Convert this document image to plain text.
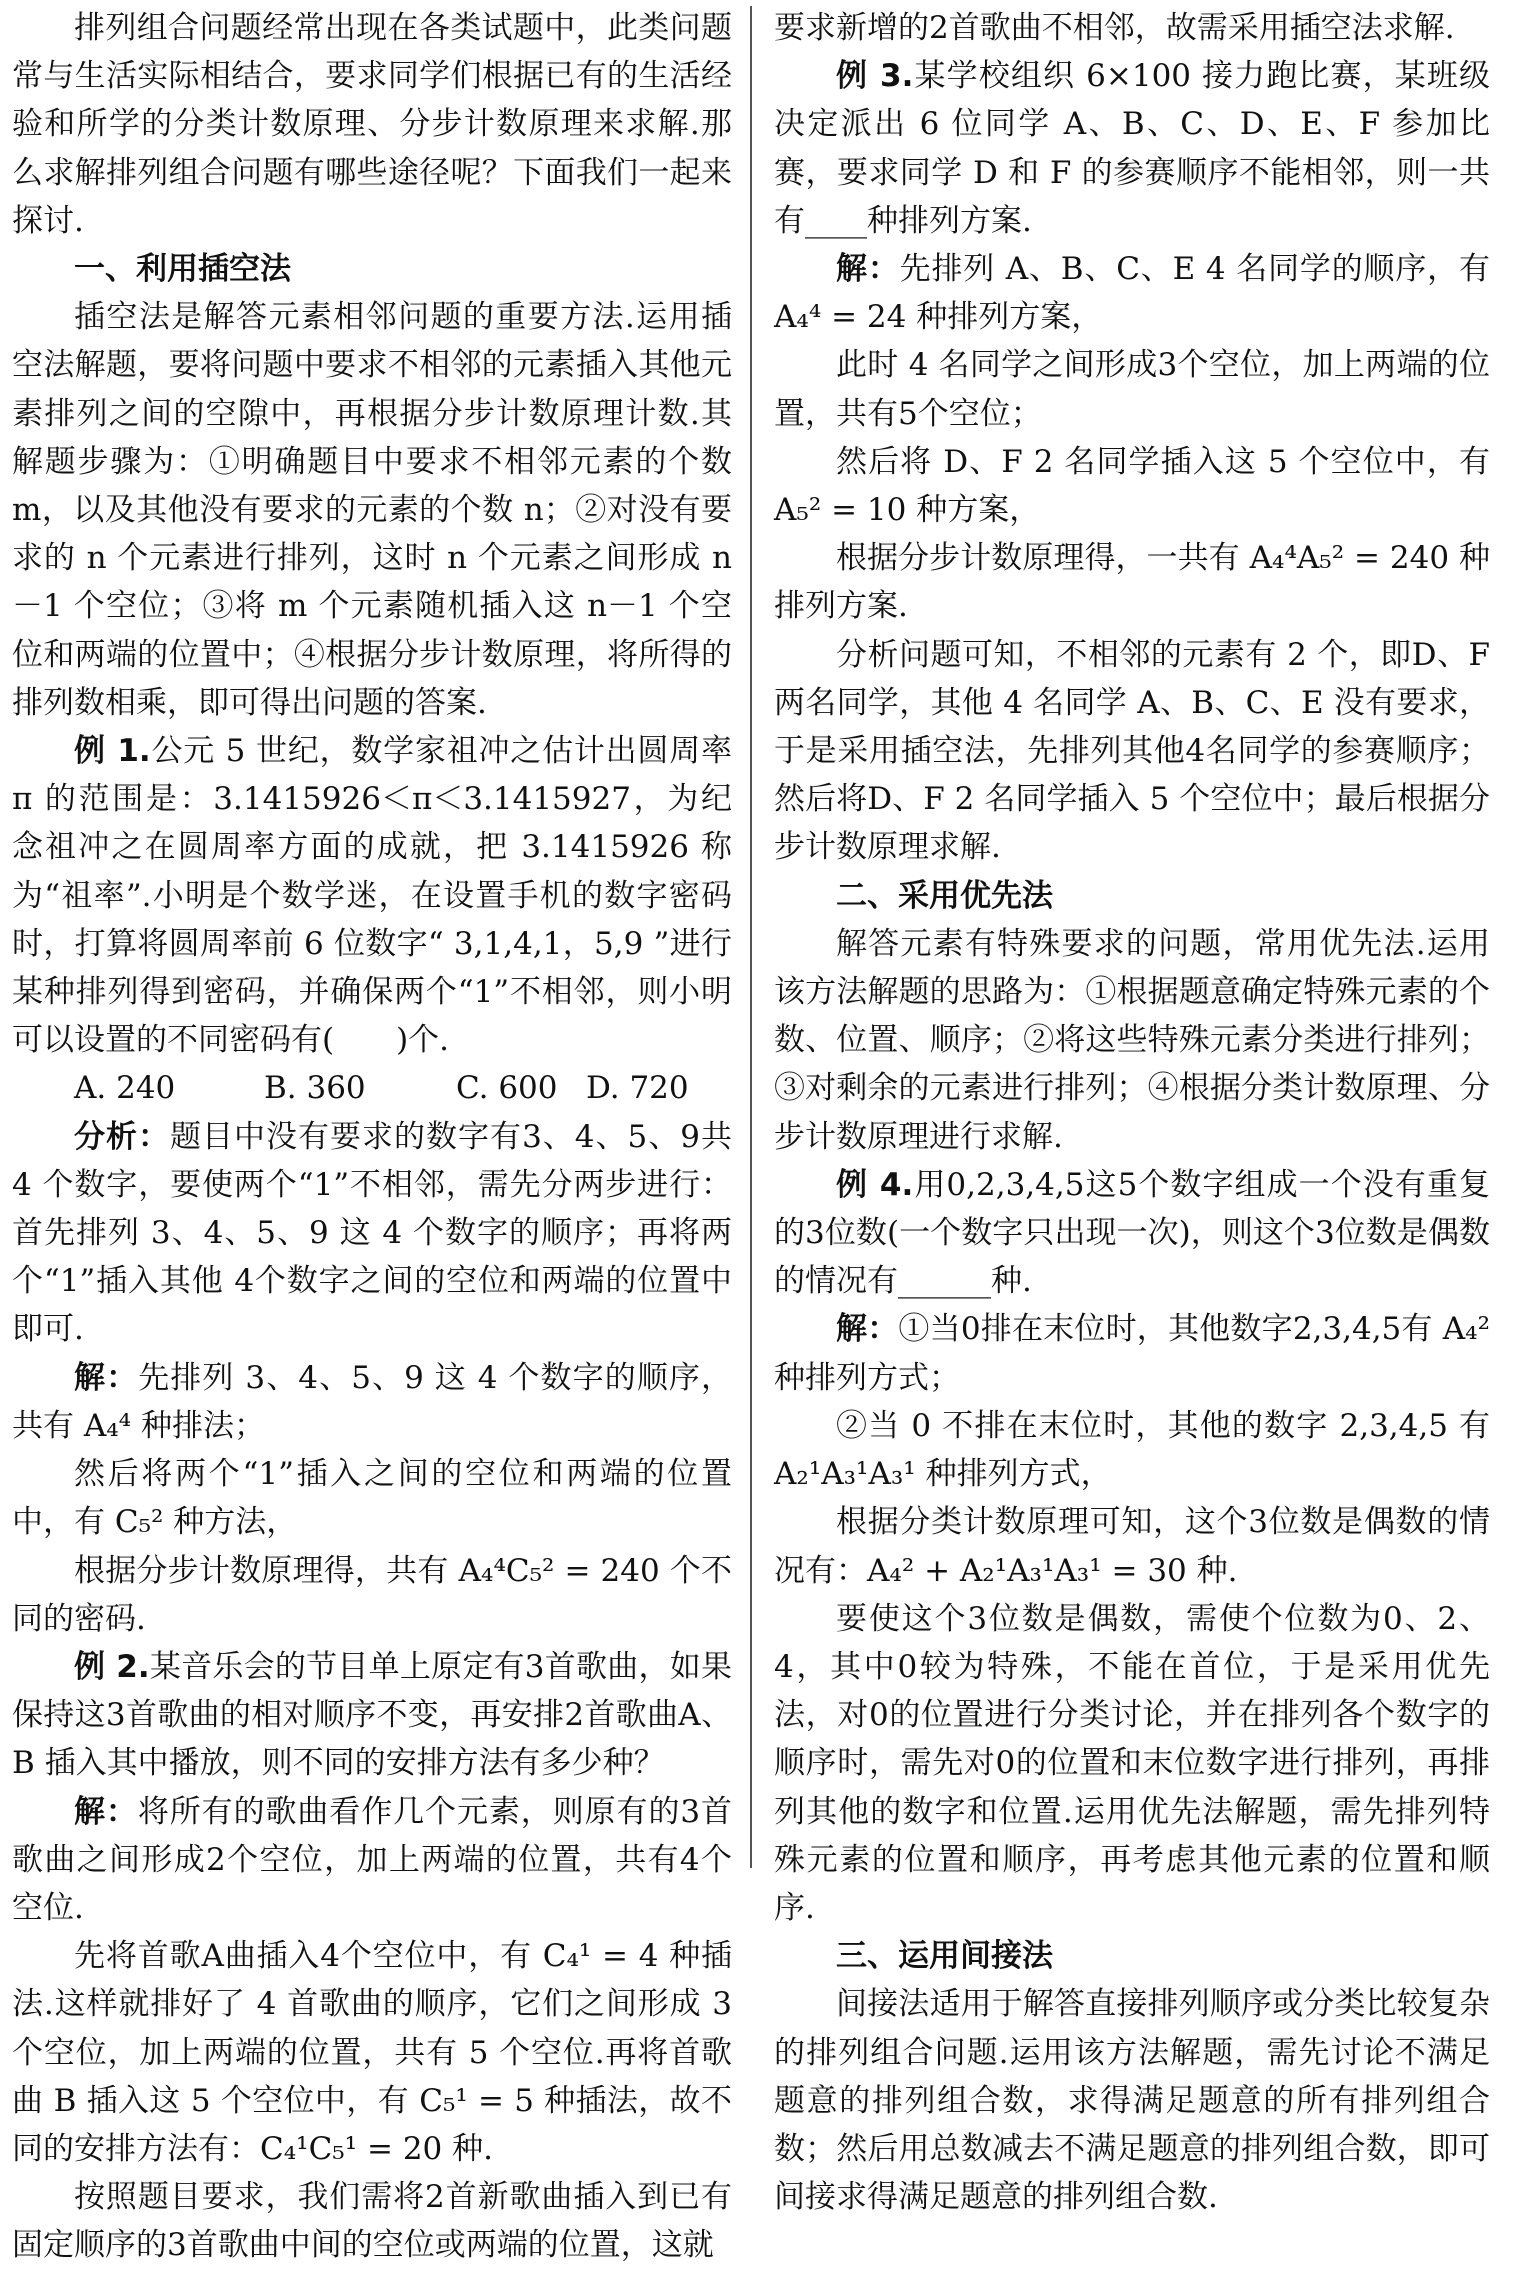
排列组合问题经常出现在各类试题中，此类问题常与生活实际相结合，要求同学们根据已有的生活经验和所学的分类计数原理、分步计数原理来求解.那么求解排列组合问题有哪些途径呢？下面我们一起来探讨.

一、利用插空法

插空法是解答元素相邻问题的重要方法.运用插空法解题，要将问题中要求不相邻的元素插入其他元素排列之间的空隙中，再根据分步计数原理计数.其解题步骤为：①明确题目中要求不相邻元素的个数 m，以及其他没有要求的元素的个数 n；②对没有要求的 n 个元素进行排列，这时 n 个元素之间形成 n－1 个空位；③将 m 个元素随机插入这 n－1 个空位和两端的位置中；④根据分步计数原理，将所得的排列数相乘，即可得出问题的答案.

例 1.公元 5 世纪，数学家祖冲之估计出圆周率 π 的范围是：3.1415926＜π＜3.1415927，为纪念祖冲之在圆周率方面的成就，把 3.1415926 称为“祖率”.小明是个数学迷，在设置手机的数字密码时，打算将圆周率前 6 位数字“ 3,1,4,1，5,9 ”进行某种排列得到密码，并确保两个“1”不相邻，则小明可以设置的不同密码有(　　)个.

A. 240	B. 360	C. 600 D. 720

分析：题目中没有要求的数字有3、4、5、9共 4 个数字，要使两个“1”不相邻，需先分两步进行：首先排列 3、4、5、9 这 4 个数字的顺序；再将两个“1”插入其他 4个数字之间的空位和两端的位置中即可.

解：先排列 3、4、5、9 这 4 个数字的顺序，共有 A₄⁴ 种排法；

然后将两个“1”插入之间的空位和两端的位置中，有 C₅² 种方法，

根据分步计数原理得，共有 A₄⁴C₅² = 240 个不同的密码.

例 2.某音乐会的节目单上原定有3首歌曲，如果保持这3首歌曲的相对顺序不变，再安排2首歌曲A、B 插入其中播放，则不同的安排方法有多少种？

解：将所有的歌曲看作几个元素，则原有的3首歌曲之间形成2个空位，加上两端的位置，共有4个空位.

先将首歌A曲插入4个空位中，有 C₄¹ = 4 种插法.这样就排好了 4 首歌曲的顺序，它们之间形成 3 个空位，加上两端的位置，共有 5 个空位.再将首歌曲 B 插入这 5 个空位中，有 C₅¹ = 5 种插法，故不同的安排方法有：C₄¹C₅¹ = 20 种.

按照题目要求，我们需将2首新歌曲插入到已有固定顺序的3首歌曲中间的空位或两端的位置，这就

要求新增的2首歌曲不相邻，故需采用插空法求解.

例 3.某学校组织 6×100 接力跑比赛，某班级决定派出 6 位同学 A、B、C、D、E、F 参加比赛，要求同学 D 和 F 的参赛顺序不能相邻，则一共有____种排列方案.

解：先排列 A、B、C、E 4 名同学的顺序，有 A₄⁴ = 24 种排列方案，

此时 4 名同学之间形成3个空位，加上两端的位置，共有5个空位；

然后将 D、F 2 名同学插入这 5 个空位中，有 A₅² = 10 种方案，

根据分步计数原理得，一共有 A₄⁴A₅² = 240 种排列方案.

分析问题可知，不相邻的元素有 2 个，即D、F两名同学，其他 4 名同学 A、B、C、E 没有要求，于是采用插空法，先排列其他4名同学的参赛顺序；然后将D、F 2 名同学插入 5 个空位中；最后根据分步计数原理求解.

二、采用优先法

解答元素有特殊要求的问题，常用优先法.运用该方法解题的思路为：①根据题意确定特殊元素的个数、位置、顺序；②将这些特殊元素分类进行排列；③对剩余的元素进行排列；④根据分类计数原理、分步计数原理进行求解.

例 4.用0,2,3,4,5这5个数字组成一个没有重复的3位数(一个数字只出现一次)，则这个3位数是偶数的情况有______种.

解：①当0排在末位时，其他数字2,3,4,5有 A₄² 种排列方式；

②当 0 不排在末位时，其他的数字 2,3,4,5 有 A₂¹A₃¹A₃¹ 种排列方式，

根据分类计数原理可知，这个3位数是偶数的情况有：A₄² + A₂¹A₃¹A₃¹ = 30 种.

要使这个3位数是偶数，需使个位数为0、2、4，其中0较为特殊，不能在首位，于是采用优先法，对0的位置进行分类讨论，并在排列各个数字的顺序时，需先对0的位置和末位数字进行排列，再排列其他的数字和位置.运用优先法解题，需先排列特殊元素的位置和顺序，再考虑其他元素的位置和顺序.

三、运用间接法

间接法适用于解答直接排列顺序或分类比较复杂的排列组合问题.运用该方法解题，需先讨论不满足题意的排列组合数，求得满足题意的所有排列组合数；然后用总数减去不满足题意的排列组合数，即可间接求得满足题意的排列组合数.
